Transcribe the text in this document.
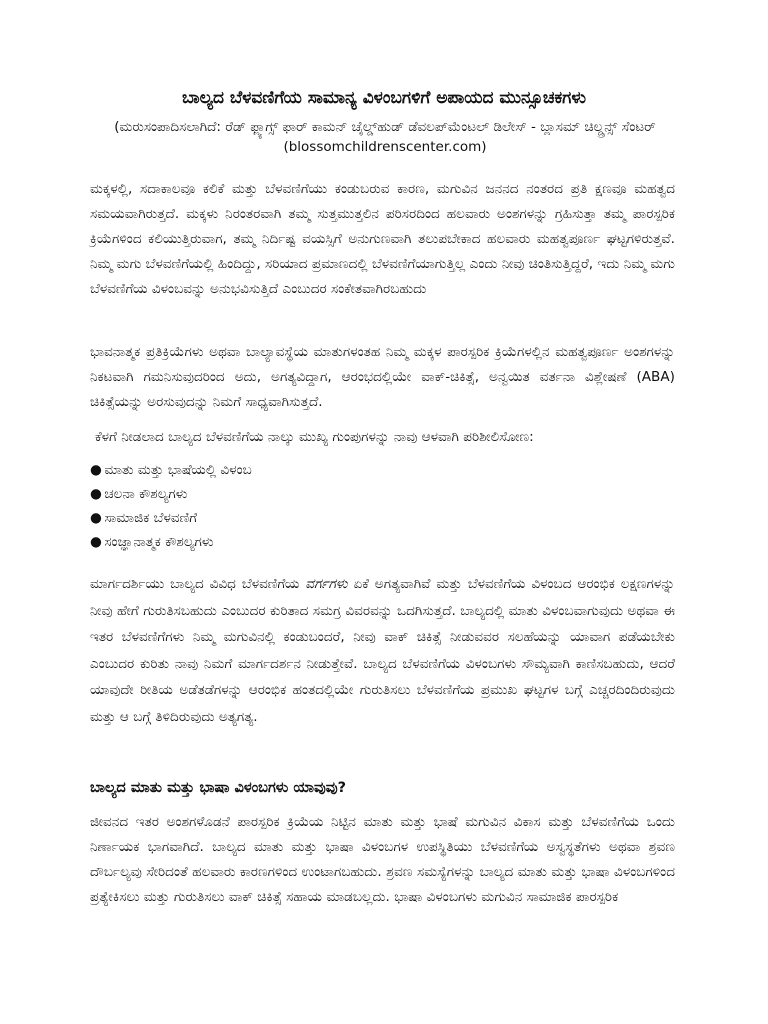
ಬಾಲ್ಯದ ಬೆಳವಣಿಗೆಯ ಸಾಮಾನ್ಯ ವಿಳಂಬಗಳಿಗೆ ಅಪಾಯದ ಮುನ್ಸೂಚಕಗಳು
(ಮರುಸಂಪಾದಿಸಲಾಗಿದೆ: ರೆಡ್ ಫ್ಲ್ಯಾಗ್ಸ್ ಫಾರ್ ಕಾಮನ್ ಚೈಲ್ಡ್‌ಹುಡ್ ಡೆವಲಪ್‌ಮೆಂಟಲ್ ಡಿಲೇಸ್ - ಬ್ಲಾಸಮ್ ಚಿಲ್ಡ್ರನ್ಸ್ ಸೆಂಟರ್ (blossomchildrenscenter.com)
ಮಕ್ಕಳಲ್ಲಿ, ಸದಾಕಾಲವೂ ಕಲಿಕೆ ಮತ್ತು ಬೆಳವಣಿಗೆಯು ಕಂಡುಬರುವ ಕಾರಣ, ಮಗುವಿನ ಜನನದ ನಂತರದ ಪ್ರತಿ ಕ್ಷಣವೂ ಮಹತ್ವದ ಸಮಯವಾಗಿರುತ್ತದೆ. ಮಕ್ಕಳು ನಿರಂತರವಾಗಿ ತಮ್ಮ ಸುತ್ತಮುತ್ತಲಿನ ಪರಿಸರದಿಂದ ಹಲವಾರು ಅಂಶಗಳನ್ನು ಗ್ರಹಿಸುತ್ತಾ ತಮ್ಮ ಪಾರಸ್ಪರಿಕ ಕ್ರಿಯೆಗಳಿಂದ ಕಲಿಯುತ್ತಿರುವಾಗ, ತಮ್ಮ ನಿರ್ದಿಷ್ಟ ವಯಸ್ಸಿಗೆ ಅನುಗುಣವಾಗಿ ತಲುಪಬೇಕಾದ ಹಲವಾರು ಮಹತ್ವಪೂರ್ಣ ಘಟ್ಟಗಳಿರುತ್ತವೆ. ನಿಮ್ಮ ಮಗು ಬೆಳವಣಿಗೆಯಲ್ಲಿ ಹಿಂದಿದ್ದು, ಸರಿಯಾದ ಪ್ರಮಾಣದಲ್ಲಿ ಬೆಳವಣಿಗೆಯಾಗುತ್ತಿಲ್ಲ ಎಂದು ನೀವು ಚಿಂತಿಸುತ್ತಿದ್ದರೆ, ಇದು ನಿಮ್ಮ ಮಗು ಬೆಳವಣಿಗೆಯ ವಿಳಂಬವನ್ನು ಅನುಭವಿಸುತ್ತಿದೆ ಎಂಬುದರ ಸಂಕೇತವಾಗಿರಬಹುದು
ಭಾವನಾತ್ಮಕ ಪ್ರತಿಕ್ರಿಯೆಗಳು ಅಥವಾ ಬಾಲ್ಯಾವಸ್ಥೆಯ ಮಾತುಗಳಂತಹ ನಿಮ್ಮ ಮಕ್ಕಳ ಪಾರಸ್ಪರಿಕ ಕ್ರಿಯೆಗಳಲ್ಲಿನ ಮಹತ್ವಪೂರ್ಣ ಅಂಶಗಳನ್ನು ನಿಕಟವಾಗಿ ಗಮನಿಸುವುದರಿಂದ ಅದು, ಅಗತ್ಯವಿದ್ದಾಗ, ಆರಂಭದಲ್ಲಿಯೇ ವಾಕ್-ಚಿಕಿತ್ಸೆ, ಅನ್ವಯಿತ ವರ್ತನಾ ವಿಶ್ಲೇಷಣೆ (ABA) ಚಿಕಿತ್ಸೆಯನ್ನು ಅರಸುವುದನ್ನು ನಿಮಗೆ ಸಾಧ್ಯವಾಗಿಸುತ್ತದೆ.
ಕೆಳಗೆ ನೀಡಲಾದ ಬಾಲ್ಯದ ಬೆಳವಣಿಗೆಯ ನಾಲ್ಕು ಮುಖ್ಯ ಗುಂಪುಗಳನ್ನು ನಾವು ಆಳವಾಗಿ ಪರಿಶೀಲಿಸೋಣ:
● ಮಾತು ಮತ್ತು ಭಾಷೆಯಲ್ಲಿ ವಿಳಂಬ
● ಚಲನಾ ಕೌಶಲ್ಯಗಳು
● ಸಾಮಾಜಿಕ ಬೆಳವಣಿಗೆ
● ಸಂಜ್ಞಾನಾತ್ಮಕ ಕೌಶಲ್ಯಗಳು
ಮಾರ್ಗದರ್ಶಿಯು ಬಾಲ್ಯದ ವಿವಿಧ ಬೆಳವಣಿಗೆಯ ವರ್ಗಗಳು ಏಕೆ ಅಗತ್ಯವಾಗಿವೆ ಮತ್ತು ಬೆಳವಣಿಗೆಯ ವಿಳಂಬದ ಆರಂಭಿಕ ಲಕ್ಷಣಗಳನ್ನು ನೀವು ಹೇಗೆ ಗುರುತಿಸಬಹುದು ಎಂಬುದರ ಕುರಿತಾದ ಸಮಗ್ರ ವಿವರವನ್ನು ಒದಗಿಸುತ್ತದೆ. ಬಾಲ್ಯದಲ್ಲಿ ಮಾತು ವಿಳಂಬವಾಗುವುದು ಅಥವಾ ಈ ಇತರ ಬೆಳವಣಿಗೆಗಳು ನಿಮ್ಮ ಮಗುವಿನಲ್ಲಿ ಕಂಡುಬಂದರೆ, ನೀವು ವಾಕ್ ಚಿಕಿತ್ಸೆ ನೀಡುವವರ ಸಲಹೆಯನ್ನು ಯಾವಾಗ ಪಡೆಯಬೇಕು ಎಂಬುದರ ಕುರಿತು ನಾವು ನಿಮಗೆ ಮಾರ್ಗದರ್ಶನ ನೀಡುತ್ತೇವೆ. ಬಾಲ್ಯದ ಬೆಳವಣಿಗೆಯ ವಿಳಂಬಗಳು ಸೌಮ್ಯವಾಗಿ ಕಾಣಿಸಬಹುದು, ಆದರೆ ಯಾವುದೇ ರೀತಿಯ ಅಡೆತಡೆಗಳನ್ನು ಆರಂಭಿಕ ಹಂತದಲ್ಲಿಯೇ ಗುರುತಿಸಲು ಬೆಳವಣಿಗೆಯ ಪ್ರಮುಖ ಘಟ್ಟಗಳ ಬಗ್ಗೆ ಎಚ್ಚರದಿಂದಿರುವುದು ಮತ್ತು ಆ ಬಗ್ಗೆ ತಿಳಿದಿರುವುದು ಅತ್ಯಗತ್ಯ.
ಬಾಲ್ಯದ ಮಾತು ಮತ್ತು ಭಾಷಾ ವಿಳಂಬಗಳು ಯಾವುವು?
ಜೀವನದ ಇತರ ಅಂಶಗಳೊಡನೆ ಪಾರಸ್ಪರಿಕ ಕ್ರಿಯೆಯ ನಿಟ್ಟಿನ ಮಾತು ಮತ್ತು ಭಾಷೆ ಮಗುವಿನ ವಿಕಾಸ ಮತ್ತು ಬೆಳವಣಿಗೆಯ ಒಂದು ನಿರ್ಣಾಯಕ ಭಾಗವಾಗಿದೆ. ಬಾಲ್ಯದ ಮಾತು ಮತ್ತು ಭಾಷಾ ವಿಳಂಬಗಳ ಉಪಸ್ಥಿತಿಯು ಬೆಳವಣಿಗೆಯ ಅಸ್ವಸ್ಥತೆಗಳು ಅಥವಾ ಶ್ರವಣ ದೌರ್ಬಲ್ಯವು ಸೇರಿದಂತೆ ಹಲವಾರು ಕಾರಣಗಳಿಂದ ಉಂಟಾಗಬಹುದು. ಶ್ರವಣ ಸಮಸ್ಯೆಗಳನ್ನು ಬಾಲ್ಯದ ಮಾತು ಮತ್ತು ಭಾಷಾ ವಿಳಂಬಗಳಿಂದ ಪ್ರತ್ಯೇಕಿಸಲು ಮತ್ತು ಗುರುತಿಸಲು ವಾಕ್ ಚಿಕಿತ್ಸೆ ಸಹಾಯ ಮಾಡಬಲ್ಲದು. ಭಾಷಾ ವಿಳಂಬಗಳು ಮಗುವಿನ ಸಾಮಾಜಿಕ ಪಾರಸ್ಪರಿಕ
